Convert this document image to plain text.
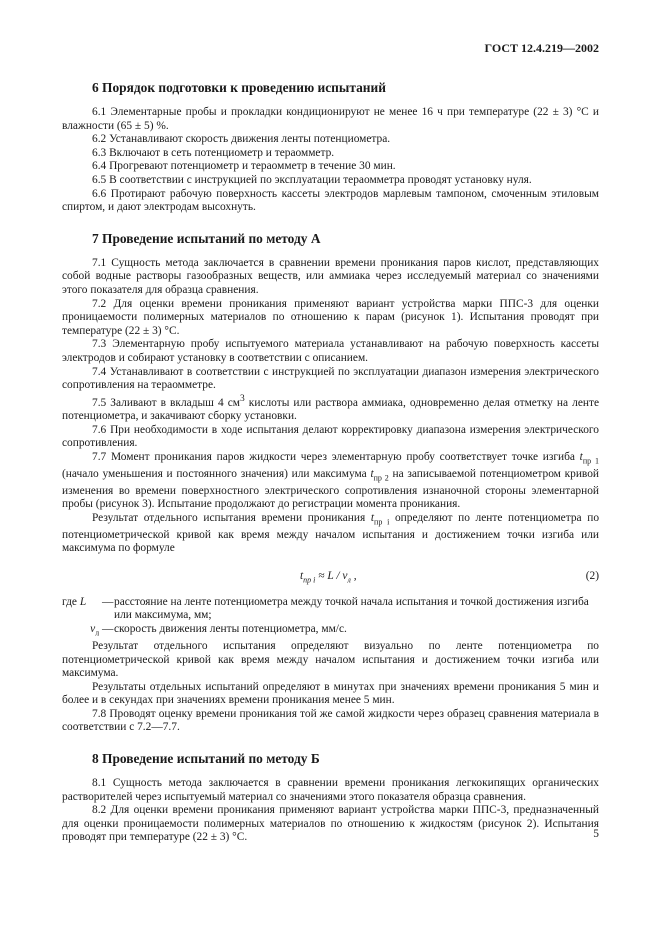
ГОСТ 12.4.219—2002
6 Порядок подготовки к проведению испытаний

6.1 Элементарные пробы и прокладки кондиционируют не менее 16 ч при температуре (22 ± 3) °С и влажности (65 ± 5) %.

6.2 Устанавливают скорость движения ленты потенциометра.

6.3 Включают в сеть потенциометр и тераомметр.

6.4 Прогревают потенциометр и тераомметр в течение 30 мин.

6.5 В соответствии с инструкцией по эксплуатации тераомметра проводят установку нуля.

6.6 Протирают рабочую поверхность кассеты электродов марлевым тампоном, смоченным этиловым спиртом, и дают электродам высохнуть.

7 Проведение испытаний по методу А

7.1 Сущность метода заключается в сравнении времени проникания паров кислот, представляющих собой водные растворы газообразных веществ, или аммиака через исследуемый материал со значениями этого показателя для образца сравнения.

7.2 Для оценки времени проникания применяют вариант устройства марки ППС-3 для оценки проницаемости полимерных материалов по отношению к парам (рисунок 1). Испытания проводят при температуре (22 ± 3) °С.

7.3 Элементарную пробу испытуемого материала устанавливают на рабочую поверхность кассеты электродов и собирают установку в соответствии с описанием.

7.4 Устанавливают в соответствии с инструкцией по эксплуатации диапазон измерения электрического сопротивления на тераомметре.

7.5 Заливают в вкладыш 4 $см^3$ кислоты или раствора аммиака, одновременно делая отметку на ленте потенциометра, и закачивают сборку установки.

7.6 При необходимости в ходе испытания делают корректировку диапазона измерения электрического сопротивления.

7.7 Момент проникания паров жидкости через элементарную пробу соответствует точке изгиба $t_{пр 1}$ (начало уменьшения и постоянного значения) или максимума $t_{пр 2}$ на записываемой потенциометром кривой изменения во времени поверхностного электрического сопротивления изнаночной стороны элементарной пробы (рисунок 3). Испытание продолжают до регистрации момента проникания.

Результат отдельного испытания времени проникания $t_{пр i}$ определяют по ленте потенциометра по потенциометрической кривой как время между началом испытания и достижением точки изгиба или максимума по формуле

$t_{пр i} \approx L / v_л$ ,	(2)
где L	— расстояние на ленте потенциометра между точкой начала испытания и точкой достижения изгиба или максимума, мм;
$v_л$ — скорость движения ленты потенциометра, мм/с.

Результат отдельного испытания определяют визуально по ленте потенциометра по потенциометрической кривой как время между началом испытания и достижением точки изгиба или максимума.

Результаты отдельных испытаний определяют в минутах при значениях времени проникания 5 мин и более и в секундах при значениях времени проникания менее 5 мин.

7.8 Проводят оценку времени проникания той же самой жидкости через образец сравнения материала в соответствии с 7.2—7.7.

8 Проведение испытаний по методу Б

8.1 Сущность метода заключается в сравнении времени проникания легкокипящих органических растворителей через испытуемый материал со значениями этого показателя образца сравнения.

8.2 Для оценки времени проникания применяют вариант устройства марки ППС-3, предназначенный для оценки проницаемости полимерных материалов по отношению к жидкостям (рисунок 2). Испытания проводят при температуре (22 ± 3) °С.	5
